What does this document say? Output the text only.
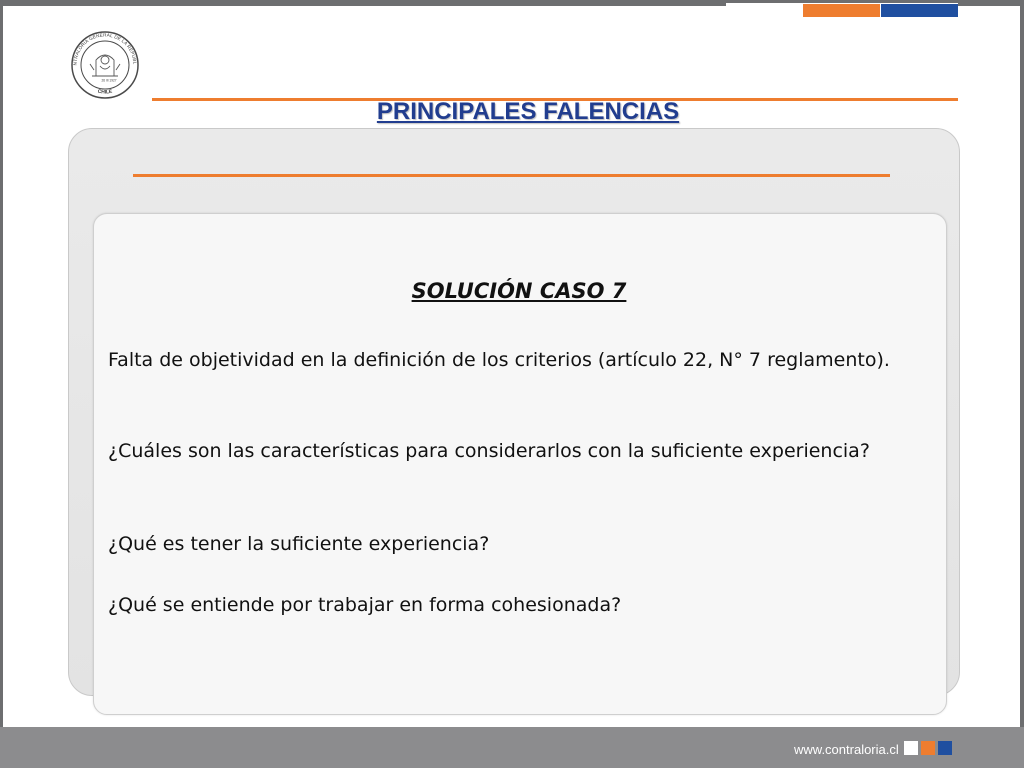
NTRALORIA GENERAL DE LA REPUBL
CHILE
26 III 1927
PRINCIPALES FALENCIAS
SOLUCIÓN CASO 7
Falta de objetividad en la definición de los criterios (artículo 22, N° 7 reglamento).
¿Cuáles son las características para considerarlos con la suficiente experiencia?
¿Qué es tener la suficiente experiencia?
¿Qué se entiende por trabajar en forma cohesionada?
www.contraloria.cl
